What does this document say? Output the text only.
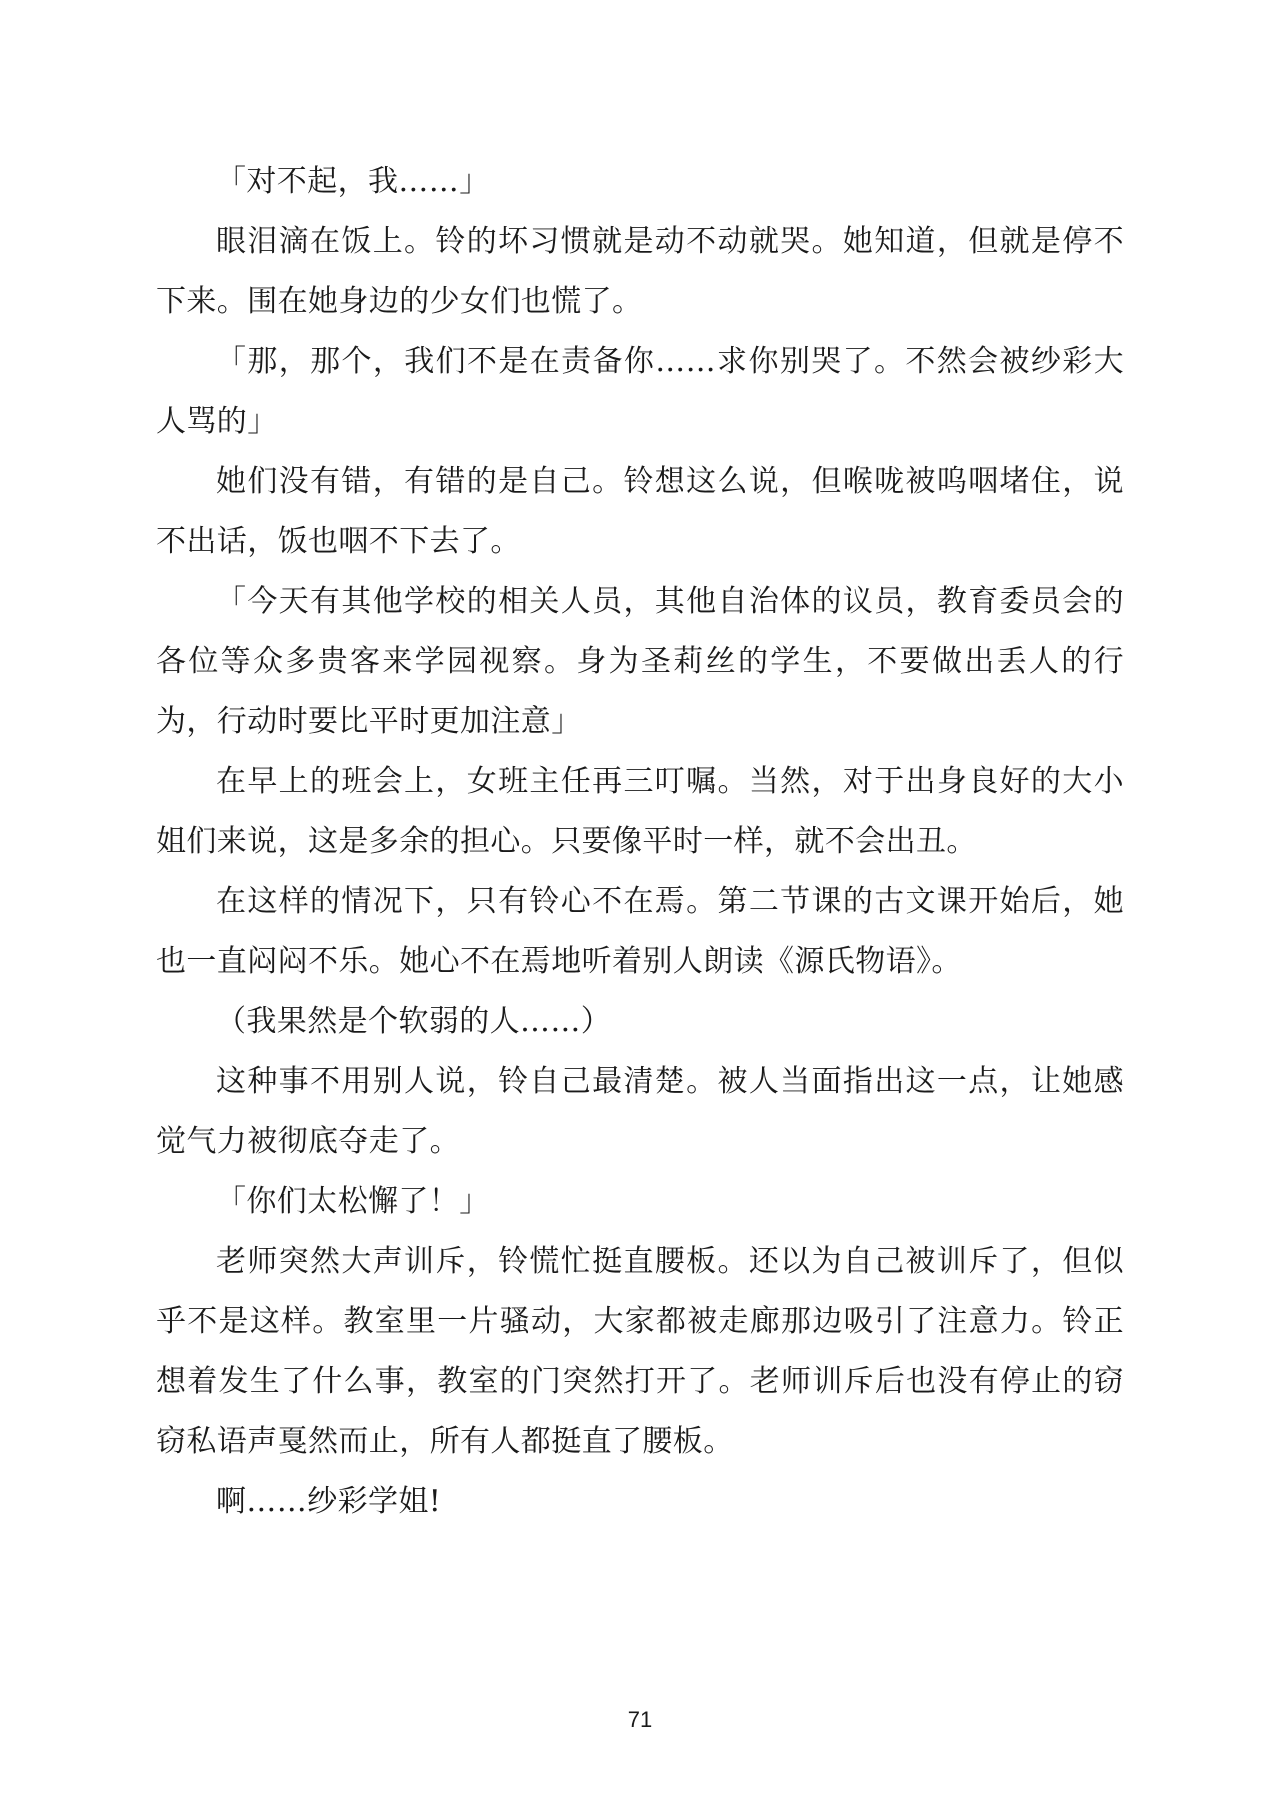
「对不起，我……」

眼泪滴在饭上。铃的坏习惯就是动不动就哭。她知道，但就是停不下来。围在她身边的少女们也慌了。

「那，那个，我们不是在责备你……求你别哭了。不然会被纱彩大人骂的」

她们没有错，有错的是自己。铃想这么说，但喉咙被呜咽堵住，说不出话，饭也咽不下去了。

「今天有其他学校的相关人员，其他自治体的议员，教育委员会的各位等众多贵客来学园视察。身为圣莉丝的学生，不要做出丢人的行为，行动时要比平时更加注意」

在早上的班会上，女班主任再三叮嘱。当然，对于出身良好的大小姐们来说，这是多余的担心。只要像平时一样，就不会出丑。

在这样的情况下，只有铃心不在焉。第二节课的古文课开始后，她也一直闷闷不乐。她心不在焉地听着别人朗读《源氏物语》。

（我果然是个软弱的人……）

这种事不用别人说，铃自己最清楚。被人当面指出这一点，让她感觉气力被彻底夺走了。

「你们太松懈了！」

老师突然大声训斥，铃慌忙挺直腰板。还以为自己被训斥了，但似乎不是这样。教室里一片骚动，大家都被走廊那边吸引了注意力。铃正想着发生了什么事，教室的门突然打开了。老师训斥后也没有停止的窃窃私语声戛然而止，所有人都挺直了腰板。

啊……纱彩学姐!

71
